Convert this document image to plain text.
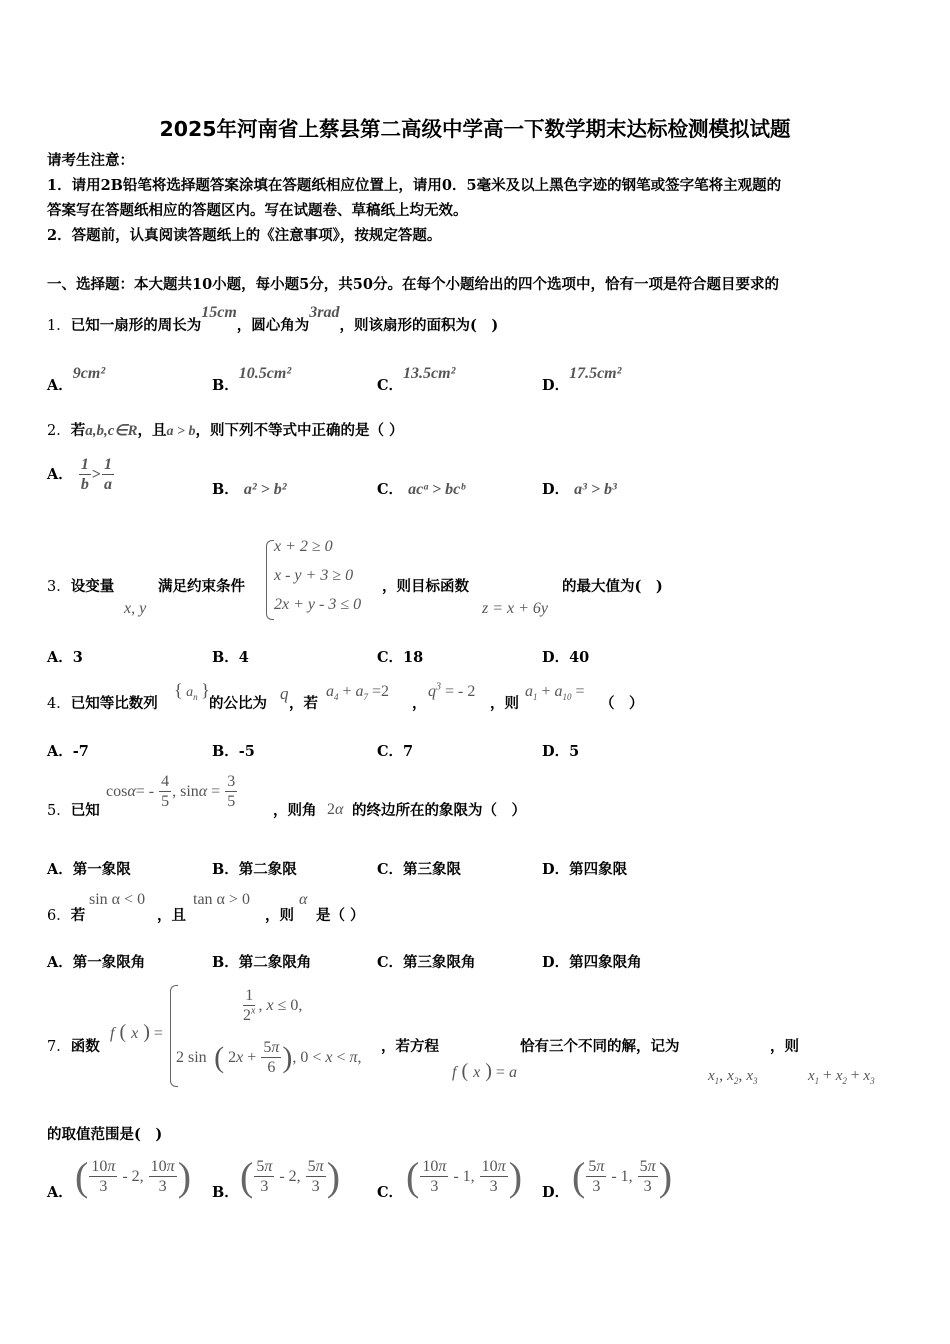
2025年河南省上蔡县第二高级中学高一下数学期末达标检测模拟试题
请考生注意：
1．请用2B铅笔将选择题答案涂填在答题纸相应位置上，请用0．5毫米及以上黑色字迹的钢笔或签字笔将主观题的
答案写在答题纸相应的答题区内。写在试题卷、草稿纸上均无效。
2．答题前，认真阅读答题纸上的《注意事项》，按规定答题。
一、选择题：本大题共10小题，每小题5分，共50分。在每个小题给出的四个选项中，恰有一项是符合题目要求的
1．已知一扇形的周长为15cm，圆心角为3rad，则该扇形的面积为(　)
A．9cm²
B．10.5cm²
C．13.5cm²
D．17.5cm²
2．若a,b,c∈R，且a > b，则下列不等式中正确的是（ ）
A． $\frac{1}{b} > \frac{1}{a}$	B． a² > b²	C． acᵃ > bcᵇ	D． a³ > b³
3．设变量	满足约束条件
x, y
x + 2 ≥ 0
x - y + 3 ≥ 0
2x + y - 3 ≤ 0
，则目标函数
z = x + 6y
的最大值为(　)
A．3	B．4	C．18	D．40
4．已知等比数列
{ $a_n$ }
的公比为
q
，若
$a_4 + a_7 =2$
，
$q^3$ = - 2
，则
$a_1 + a_{10}$ =
（　）
A．-7	B．-5	C．7	D．5
5．已知
$\cos\alpha= - \frac{4}{5}$ , $\sin\alpha = \frac{3}{5}$ ，则角 2α 的终边所在的象限为（　）
A．第一象限	B．第二象限	C．第三象限	D．第四象限
6．若
sin α < 0
，且
tan α > 0
，则
α
是（ ）
A．第一象限角	B．第二象限角	C．第三象限角	D．第四象限角
7．函数
f ( x ) =
$\frac{1}{2^x}$ , x ≤ 0,
2 sin ( $2x + \frac{5\pi}{6}$ ), 0 < x < π,
，若方程
f ( x ) = a
恰有三个不同的解，记为
$x_1$, $x_2$, $x_3$
，则
$x_1 + x_2 + x_3$
的取值范围是(　)
A． ( $\frac{10\pi}{3} - 2$, $\frac{10\pi}{3}$ ) B． ( $\frac{5\pi}{3} - 2$, $\frac{5\pi}{3}$ )	C． ( $\frac{10\pi}{3} - 1$, $\frac{10\pi}{3}$ ) D． ( $\frac{5\pi}{3} - 1$, $\frac{5\pi}{3}$ )
